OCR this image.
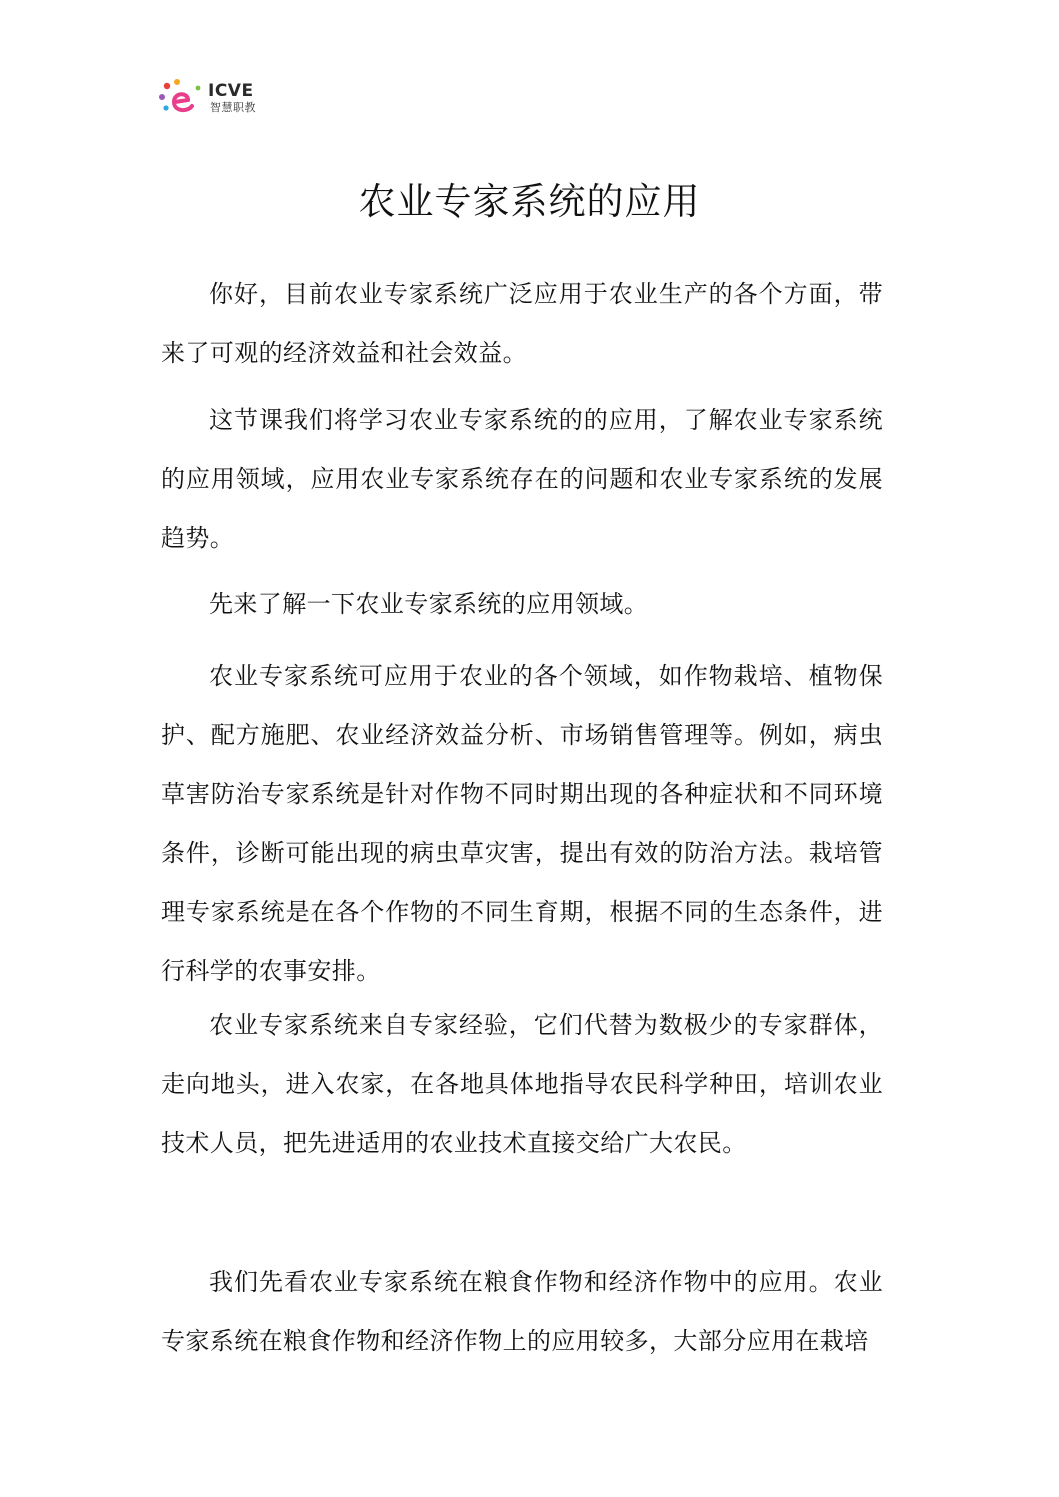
ICVE
智慧职教
农业专家系统的应用

你好，目前农业专家系统广泛应用于农业生产的各个方面，带来了可观的经济效益和社会效益。

这节课我们将学习农业专家系统的的应用，了解农业专家系统的应用领域，应用农业专家系统存在的问题和农业专家系统的发展趋势。

先来了解一下农业专家系统的应用领域。

农业专家系统可应用于农业的各个领域，如作物栽培、植物保护、配方施肥、农业经济效益分析、市场销售管理等。例如，病虫草害防治专家系统是针对作物不同时期出现的各种症状和不同环境条件，诊断可能出现的病虫草灾害，提出有效的防治方法。栽培管理专家系统是在各个作物的不同生育期，根据不同的生态条件，进行科学的农事安排。

农业专家系统来自专家经验，它们代替为数极少的专家群体，走向地头，进入农家，在各地具体地指导农民科学种田，培训农业技术人员，把先进适用的农业技术直接交给广大农民。

我们先看农业专家系统在粮食作物和经济作物中的应用。农业专家系统在粮食作物和经济作物上的应用较多，大部分应用在栽培
